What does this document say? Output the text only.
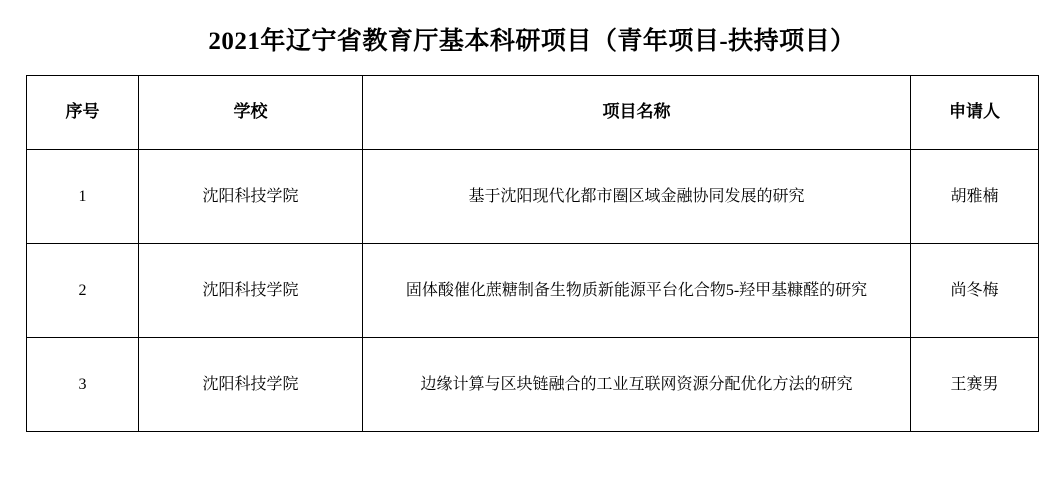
2021年辽宁省教育厅基本科研项目（青年项目-扶持项目）
序号	学校	项目名称	申请人
1	沈阳科技学院	基于沈阳现代化都市圈区域金融协同发展的研究	胡雅楠
2	沈阳科技学院	固体酸催化蔗糖制备生物质新能源平台化合物5-羟甲基糠醛的研究	尚冬梅
3	沈阳科技学院	边缘计算与区块链融合的工业互联网资源分配优化方法的研究	王赛男
